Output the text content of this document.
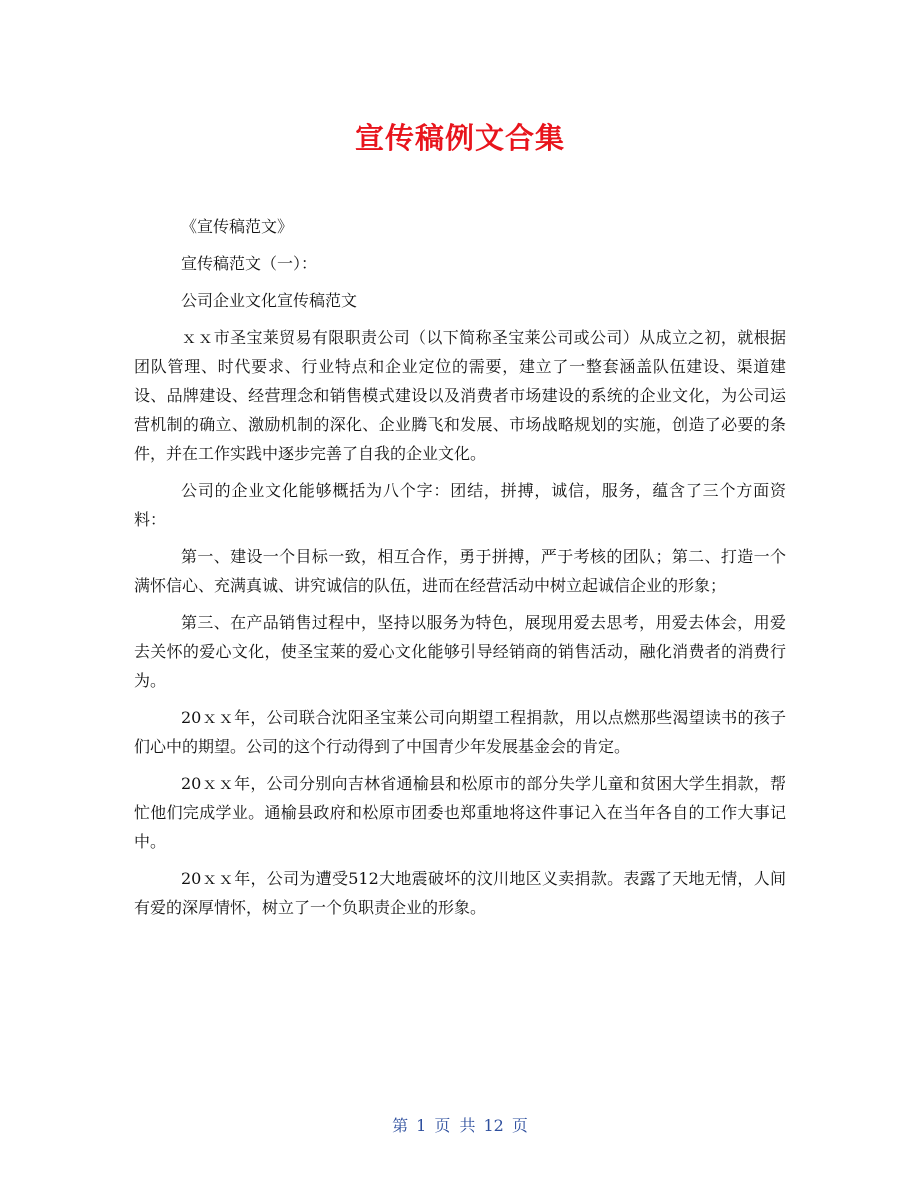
宣传稿例文合集

《宣传稿范文》

宣传稿范文（一）：

公司企业文化宣传稿范文

ｘｘ市圣宝莱贸易有限职责公司（以下简称圣宝莱公司或公司）从成立之初，就根据团队管理、时代要求、行业特点和企业定位的需要，建立了一整套涵盖队伍建设、渠道建设、品牌建设、经营理念和销售模式建设以及消费者市场建设的系统的企业文化，为公司运营机制的确立、激励机制的深化、企业腾飞和发展、市场战略规划的实施，创造了必要的条件，并在工作实践中逐步完善了自我的企业文化。

公司的企业文化能够概括为八个字：团结，拼搏，诚信，服务，蕴含了三个方面资料：

第一、建设一个目标一致，相互合作，勇于拼搏，严于考核的团队；第二、打造一个满怀信心、充满真诚、讲究诚信的队伍，进而在经营活动中树立起诚信企业的形象；

第三、在产品销售过程中，坚持以服务为特色，展现用爱去思考，用爱去体会，用爱去关怀的爱心文化，使圣宝莱的爱心文化能够引导经销商的销售活动，融化消费者的消费行为。

20ｘｘ年，公司联合沈阳圣宝莱公司向期望工程捐款，用以点燃那些渴望读书的孩子们心中的期望。公司的这个行动得到了中国青少年发展基金会的肯定。

20ｘｘ年，公司分别向吉林省通榆县和松原市的部分失学儿童和贫困大学生捐款，帮忙他们完成学业。通榆县政府和松原市团委也郑重地将这件事记入在当年各自的工作大事记中。

20ｘｘ年，公司为遭受512大地震破坏的汶川地区义卖捐款。表露了天地无情，人间有爱的深厚情怀，树立了一个负职责企业的形象。

第 1 页 共 12 页
